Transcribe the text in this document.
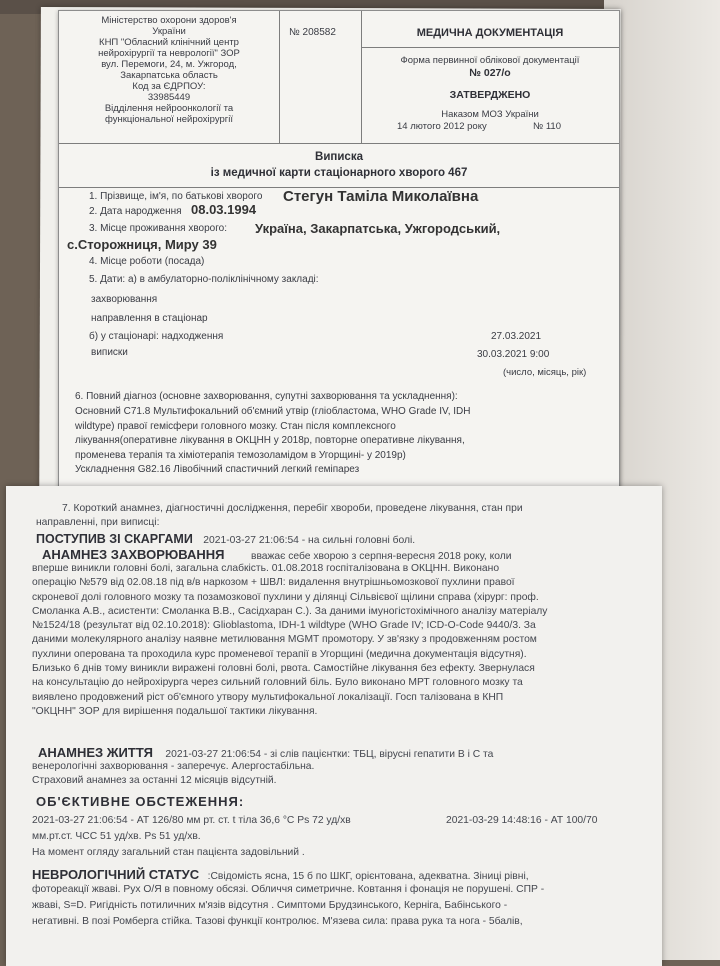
Міністерство охорони здоров'я
України
КНП "Обласний клінічний центр
нейрохірургії та неврології" ЗОР
вул. Перемоги, 24, м. Ужгород,
Закарпатська область
Код за ЄДРПОУ:
33985449
Відділення нейроонкології та
функціональної нейрохірургії
№ 208582	МЕДИЧНА ДОКУМЕНТАЦІЯ
Форма первинної облікової документації
№ 027/о
ЗАТВЕРДЖЕНО
Наказом МОЗ України
14 лютого 2012 року	№ 110
Виписка
із медичної карти стаціонарного хворого 467
1. Прізвище, ім'я, по батькові хворого Стегун Таміла Миколаївна
2. Дата народження 08.03.1994
3. Місце проживання хворого: Україна, Закарпатська, Ужгородський,
с.Сторожниця, Миру 39
4. Місце роботи (посада)
5. Дати: а) в амбулаторно-поліклінічному закладі:
захворювання
направлення в стаціонар
б) у стаціонарі: надходження	27.03.2021
виписки	30.03.2021 9:00
(число, місяць, рік)
6. Повний діагноз (основне захворювання, супутні захворювання та ускладнення):
Основний С71.8 Мультифокальний об'ємний утвір (гліобластома, WHO Grade IV, IDH
wildtype) правої гемісфери головного мозку. Стан після комплексного
лікування(оперативне лікування в ОКЦНН у 2018р, повторне оперативне лікування,
променева терапія та хіміотерапія темозоламідом в Угорщині- у 2019р)
Ускладнення G82.16 Лівобічний спастичний легкий геміпарез
7. Короткий анамнез, діагностичні дослідження, перебіг хвороби, проведене лікування, стан при
направленні, при виписці:
ПОСТУПИВ ЗІ СКАРГАМИ 2021-03-27 21:06:54 - на сильні головні болі.
АНАМНЕЗ ЗАХВОРЮВАННЯ	вважає себе хворою з серпня-вересня 2018 року, коли
вперше виникли головні болі, загальна слабкість. 01.08.2018 госпіталізована в ОКЦНН. Виконано
операцію №579 від 02.08.18 під в/в наркозом + ШВЛ: видалення внутрішньомозкової пухлини правої
скроневої долі головного мозку та позамозкової пухлини у ділянці Сільвієвої щілини справа (хірург: проф.
Смоланка А.В., асистенти: Смоланка В.В., Сасідхаран С.). За даними імуногістохімічного аналізу матеріалу
№1524/18 (результат від 02.10.2018): Glioblastoma, IDH-1 wildtype (WHO Grade IV; ICD-O-Code 9440/3. За
даними молекулярного аналізу наявне метилювання MGMT промотору. У зв'язку з продовженням ростом
пухлини оперована та проходила курс променевої терапії в Угорщині (медична документація відсутня).
Близько 6 днів тому виникли виражені головні болі, рвота. Самостійне лікування без ефекту. Звернулася
на консультацію до нейрохірурга через сильний головний біль. Було виконано МРТ головного мозку та
виявлено продовжений ріст об'ємного утвору мультифокальної локалізації. Госп талізована в КНП
"ОКЦНН" ЗОР для вирішення подальшої тактики лікування.
АНАМНЕЗ ЖИТТЯ 2021-03-27 21:06:54 - зі слів пацієнтки: ТБЦ, вірусні гепатити В і С та
венерологічні захворювання - заперечує. Алергостабільна.
Страховий анамнез за останні 12 місяців відсутній.
ОБ'ЄКТИВНЕ ОБСТЕЖЕННЯ:
2021-03-27 21:06:54 - АТ 126/80 мм рт. ст. t тіла 36,6 °C Ps 72 уд/хв	2021-03-29 14:48:16 - АТ 100/70
мм.рт.ст. ЧСС 51 уд/хв. Ps 51 уд/хв.
На момент огляду загальний стан пацієнта задовільний .
НЕВРОЛОГІЧНИЙ СТАТУС :Свідомість ясна, 15 б по ШКГ, орієнтована, адекватна. Зіниці рівні,
фотореакції жваві. Рух О/Я в повному обсязі. Обличчя симетричне. Ковтання і фонація не порушені. СПР -
жваві, S=D. Ригідність потиличних м'язів відсутня . Симптоми Брудзинського, Керніга, Бабінського -
негативні. В позі Ромберга стійка. Тазові функції контролює. М'язева сила: права рука та нога - 5балів,
